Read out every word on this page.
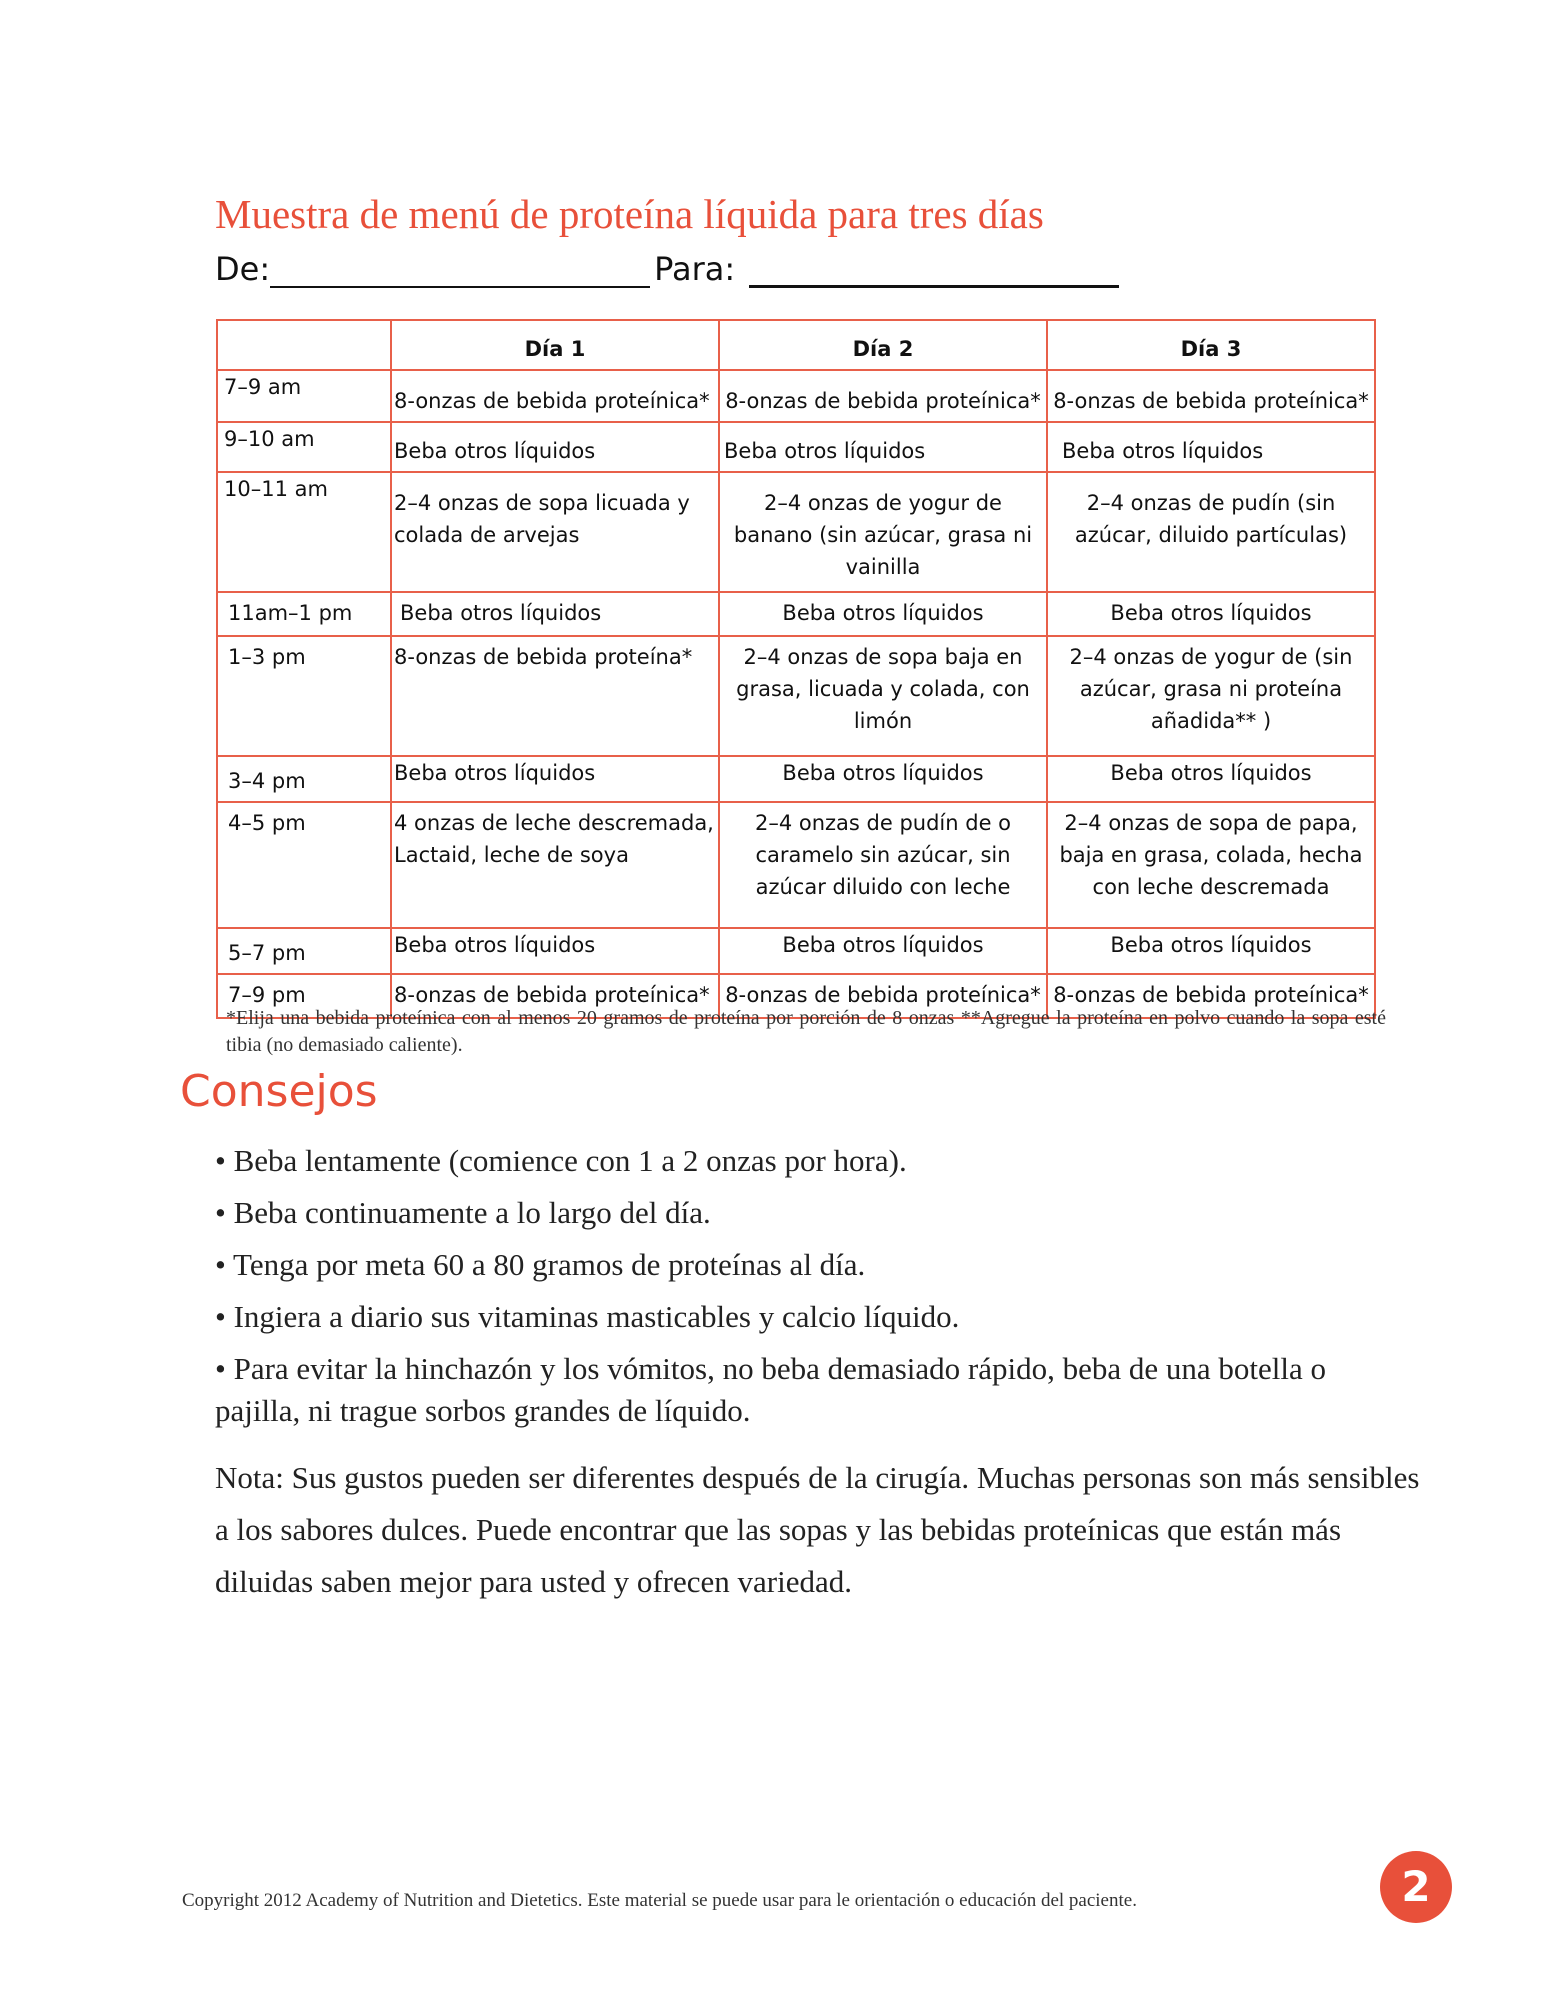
Muestra de menú de proteína líquida para tres días
De:	Para:
	Día 1	Día 2	Día 3
7–9 am	8-onzas de bebida proteínica*	8-onzas de bebida proteínica*	8-onzas de bebida proteínica*
9–10 am	Beba otros líquidos	Beba otros líquidos	Beba otros líquidos
10–11 am	2–4 onzas de sopa licuada y colada de arvejas	2–4 onzas de yogur de banano (sin azúcar, grasa ni vainilla	2–4 onzas de pudín (sin azúcar, diluido partículas)
11am–1 pm	Beba otros líquidos	Beba otros líquidos	Beba otros líquidos
1–3 pm	8-onzas de bebida proteína*	2–4 onzas de sopa baja en grasa, licuada y colada, con limón	2–4 onzas de yogur de (sin azúcar, grasa ni proteína añadida** )
3–4 pm	Beba otros líquidos	Beba otros líquidos	Beba otros líquidos
4–5 pm	4 onzas de leche descremada, Lactaid, leche de soya	2–4 onzas de pudín de o caramelo sin azúcar, sin azúcar diluido con leche	2–4 onzas de sopa de papa, baja en grasa, colada, hecha con leche descremada
5–7 pm	Beba otros líquidos	Beba otros líquidos	Beba otros líquidos
7–9 pm	8-onzas de bebida proteínica*	8-onzas de bebida proteínica*	8-onzas de bebida proteínica*

*Elija una bebida proteínica con al menos 20 gramos de proteína por porción de 8 onzas **Agregue la proteína en polvo cuando la sopa esté tibia (no demasiado caliente).

Consejos
• Beba lentamente (comience con 1 a 2 onzas por hora).
• Beba continuamente a lo largo del día.
• Tenga por meta 60 a 80 gramos de proteínas al día.
• Ingiera a diario sus vitaminas masticables y calcio líquido.
• Para evitar la hinchazón y los vómitos, no beba demasiado rápido, beba de una botella o pajilla, ni trague sorbos grandes de líquido.

Nota: Sus gustos pueden ser diferentes después de la cirugía. Muchas personas son más sensibles a los sabores dulces. Puede encontrar que las sopas y las bebidas proteínicas que están más diluidas saben mejor para usted y ofrecen variedad.

Copyright 2012 Academy of Nutrition and Dietetics. Este material se puede usar para le orientación o educación del paciente.	2
